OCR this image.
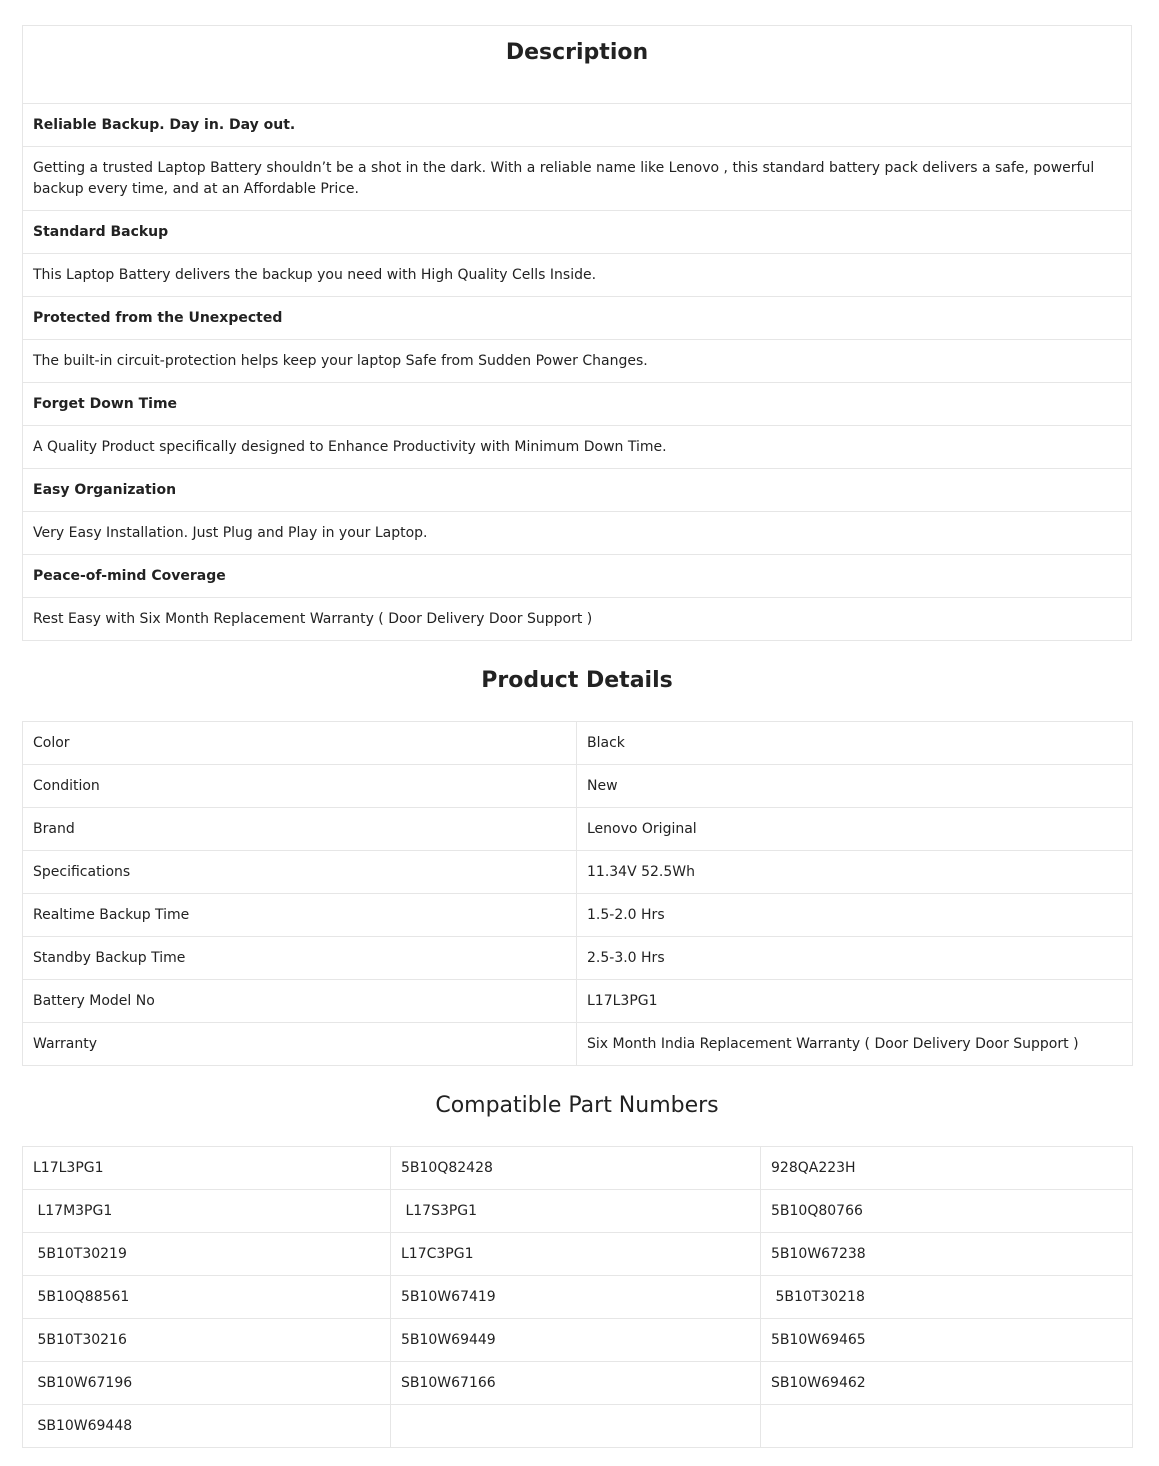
Description
Reliable Backup. Day in. Day out.
Getting a trusted Laptop Battery shouldn’t be a shot in the dark. With a reliable name like Lenovo , this standard battery pack delivers a safe, powerful backup every time, and at an Affordable Price.
Standard Backup
This Laptop Battery delivers the backup you need with High Quality Cells Inside.
Protected from the Unexpected
The built-in circuit-protection helps keep your laptop Safe from Sudden Power Changes.
Forget Down Time
A Quality Product specifically designed to Enhance Productivity with Minimum Down Time.
Easy Organization
Very Easy Installation. Just Plug and Play in your Laptop.
Peace-of-mind Coverage
Rest Easy with Six Month Replacement Warranty ( Door Delivery Door Support )
Product Details
Color	Black
Condition	New
Brand	Lenovo Original
Specifications	11.34V 52.5Wh
Realtime Backup Time	1.5-2.0 Hrs
Standby Backup Time	2.5-3.0 Hrs
Battery Model No	L17L3PG1
Warranty	Six Month India Replacement Warranty ( Door Delivery Door Support )
Compatible Part Numbers
L17L3PG1	5B10Q82428	928QA223H
L17M3PG1	L17S3PG1	5B10Q80766
5B10T30219	L17C3PG1	5B10W67238
5B10Q88561	5B10W67419	5B10T30218
5B10T30216	5B10W69449	5B10W69465
SB10W67196	SB10W67166	SB10W69462
SB10W69448		
